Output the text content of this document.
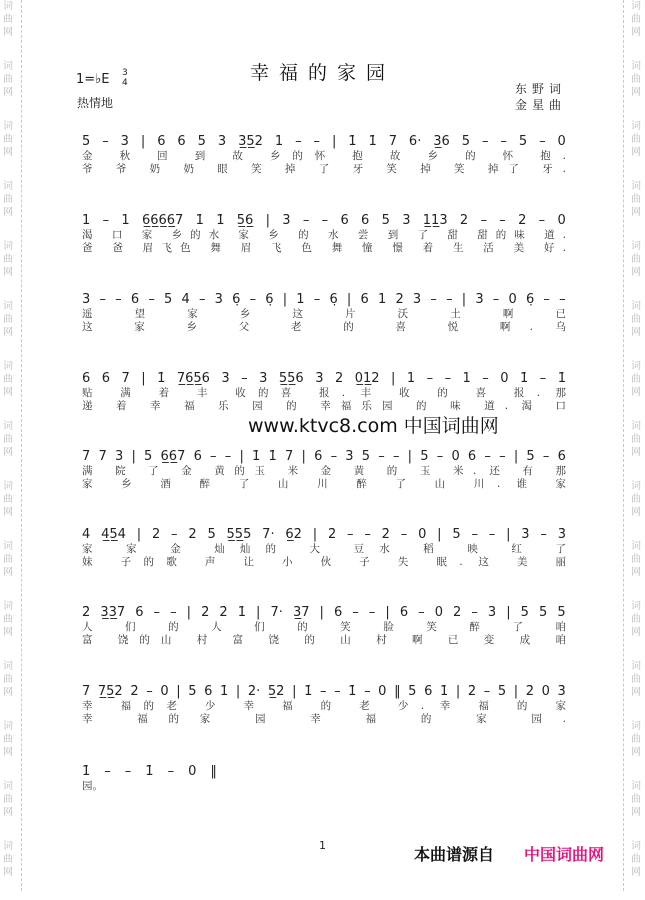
词
曲
网
词
曲
网
词
曲
网
词
曲
网
词
曲
网
词
曲
网
词
曲
网
词
曲
网
词
曲
网
词
曲
网
词
曲
网
词
曲
网
词
曲
网
词
曲
网
词
曲
网
词
曲
网
词
曲
网
词
曲
网
词
曲
网
词
曲
网
词
曲
网
词
曲
网
词
曲
网
词
曲
网
词
曲
网
词
曲
网
词
曲
网
词
曲
网
词
曲
网
词
曲
网
幸福的家园
1=♭E 3
4
热情地
东野词
金星曲
5 – 3 | 6 6 5 3 3̲5̲2 1 – – | 1̇ 1̇ 7 6· 3̲6 5 – – 5 – 0
金 秋 回 到 故 乡的怀 抱 故 乡 的 怀 抱.
爷 爷 奶 奶 眼 笑 掉 了 牙 笑 掉 笑 掉了 牙.
1 – 1 6̲6̲6̲6̲7 1̇ 1̇ 5̲6̲ | 3 – – 6 6 5 3 1̲1̲3 2 – – 2 – 0
渴 口 家 乡的水 家 乡 的 水 尝 到 了 甜 甜的味 道.
爸 爸 眉飞色 舞 眉 飞 色 舞 憧 憬 着 生 活 美 好.
3 – – 6 – 5 4 – 3 6̣ – 6̣ | 1 – 6̣ | 6 1 2 3 – – | 3 – 0 6̣ – –
遥 望 家 乡 这 片 沃 土 啊 已
这 家 乡 父 老 的 喜 悦 啊. 乌
6 6 7 | 1̇ 7̲6̲5̲6 3 – 3 5̲5̲6 3 2 0̲1̲2 | 1 – – 1 – 0 1̇ – 1̇
贴 满 着 丰 收的喜 报. 丰 收 的 喜 报. 那
递 着 幸 福 乐 园 的 幸福乐园 的 味 道. 渴 口
7 7 3 | 5 6̲6̲7 6 – – | 1̇ 1̇ 7 | 6 – 3 5 – – | 5 – 0 6 – – | 5 – 6
满 院 了 金 黄的玉 米 金 黄 的 玉 米. 还 有 那
家 乡 酒 醉 了 山 川 醉 了 山 川. 谁 家
4 4̲5̲4 | 2 – 2 5 5̲5̲5 7· 6̲2̇ | 2̇ – – 2̇ – 0 | 5 – – | 3̇ – 3̇
家 家 金 灿灿的 大 豆水 稻 映 红 了
妹 子的歌 声 让 小 伙 子 失 眠. 这 美 丽
2̇ 3̲3̲7 6 – – | 2̇ 2̇ 1̇ | 7· 3̲7 | 6 – – | 6 – 0 2 – 3 | 5 5 5
人 们 的 人 们 的 笑 脸 笑 醉 了 咱
富 饶的山 村 富 饶 的 山 村 啊 已 变 成 咱
7 7̲5̲2̇ 2̇ – 0 | 5 6 1̇ | 2̇· 5̲2̇ | 1̇ – – 1̇ – 0 ‖ 5 6 1̇ | 2̇ – 5 | 2̇ 0 3̇
幸 福的老 少 幸 福 的 老 少. 幸 福 的 家
幸 福的家 园 幸 福 的 家 园.
1̇ – – 1̇ – 0 ‖
园。
www.ktvc8.com 中国词曲网
1	本曲谱源自 中国词曲网
